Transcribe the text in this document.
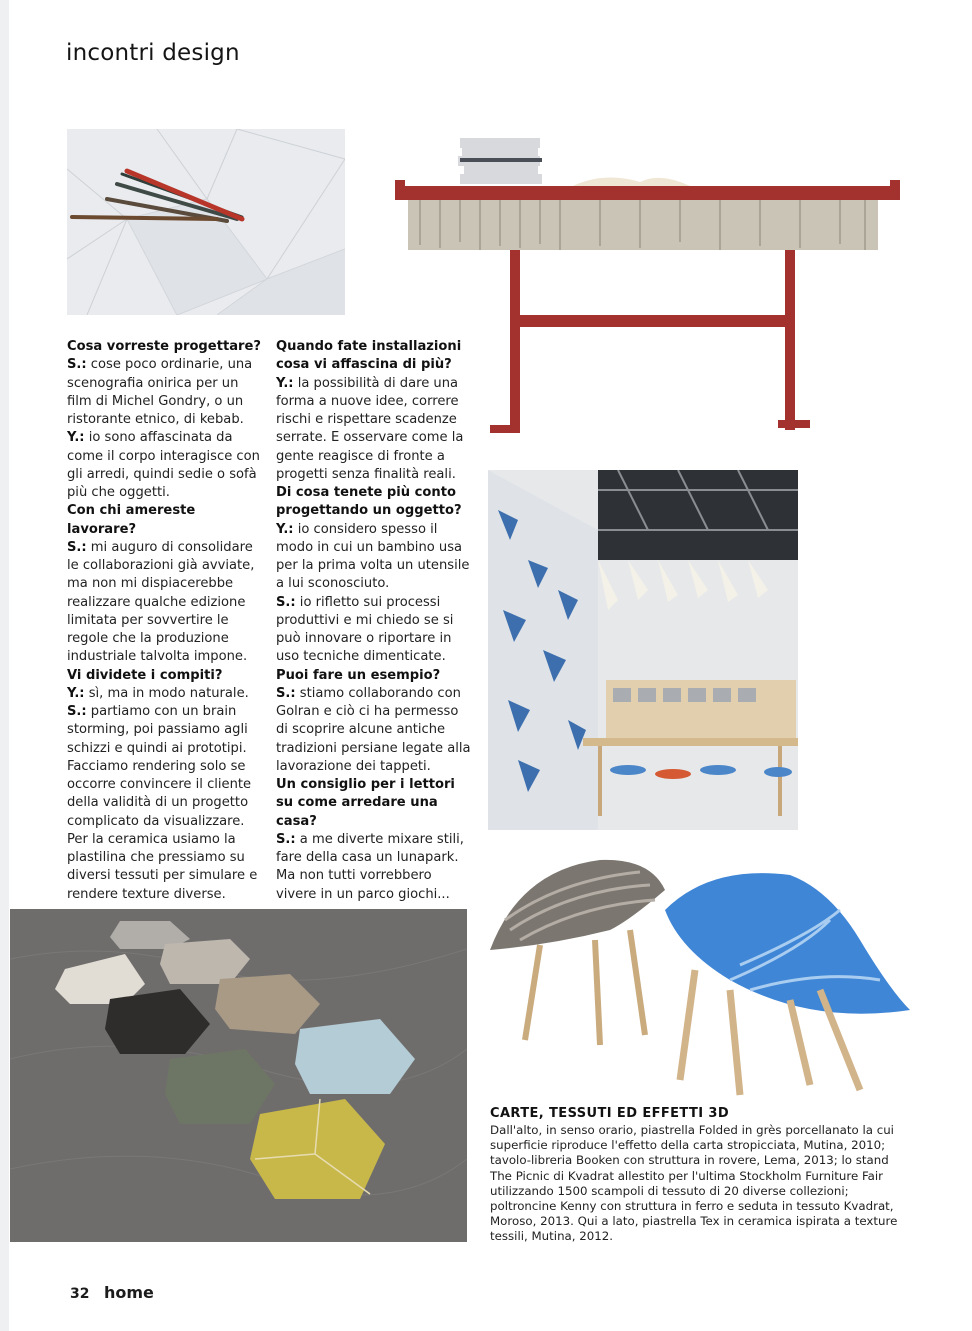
incontri design

Cosa vorreste progettare?

S.: cose poco ordinarie, una scenografia onirica per un film di Michel Gondry, o un ristorante etnico, di kebab.

Y.: io sono affascinata da come il corpo interagisce con gli arredi, quindi sedie o sofà più che oggetti.

Con chi amereste lavorare?

S.: mi auguro di consolidare le collaborazioni già avviate, ma non mi dispiacerebbe realizzare qualche edizione limitata per sovvertire le regole che la produzione industriale talvolta impone.

Vi dividete i compiti?

Y.: sì, ma in modo naturale.

S.: partiamo con un brain storming, poi passiamo agli schizzi e quindi ai prototipi. Facciamo rendering solo se occorre convincere il cliente della validità di un progetto complicato da visualizzare. Per la ceramica usiamo la plastilina che pressiamo su diversi tessuti per simulare e rendere texture diverse.

Quando fate installazioni cosa vi affascina di più?

Y.: la possibilità di dare una forma a nuove idee, correre rischi e rispettare scadenze serrate. E osservare come la gente reagisce di fronte a progetti senza finalità reali.

Di cosa tenete più conto progettando un oggetto?

Y.: io considero spesso il modo in cui un bambino usa per la prima volta un utensile a lui sconosciuto.

S.: io rifletto sui processi produttivi e mi chiedo se si può innovare o riportare in uso tecniche dimenticate.

Puoi fare un esempio?

S.: stiamo collaborando con Golran e ciò ci ha permesso di scoprire alcune antiche tradizioni persiane legate alla lavorazione dei tappeti.

Un consiglio per i lettori su come arredare una casa?

S.: a me diverte mixare stili, fare della casa un lunapark. Ma non tutti vorrebbero vivere in un parco giochi...

CARTE, TESSUTI ED EFFETTI 3D

Dall'alto, in senso orario, piastrella Folded in grès porcellanato la cui superficie riproduce l'effetto della carta stropicciata, Mutina, 2010; tavolo-libreria Booken con struttura in rovere, Lema, 2013; lo stand The Picnic di Kvadrat allestito per l'ultima Stockholm Furniture Fair utilizzando 1500 scampoli di tessuto di 20 diverse collezioni; poltroncine Kenny con struttura in ferro e seduta in tessuto Kvadrat, Moroso, 2013. Qui a lato, piastrella Tex in ceramica ispirata a texture tessili, Mutina, 2012.

32 home
